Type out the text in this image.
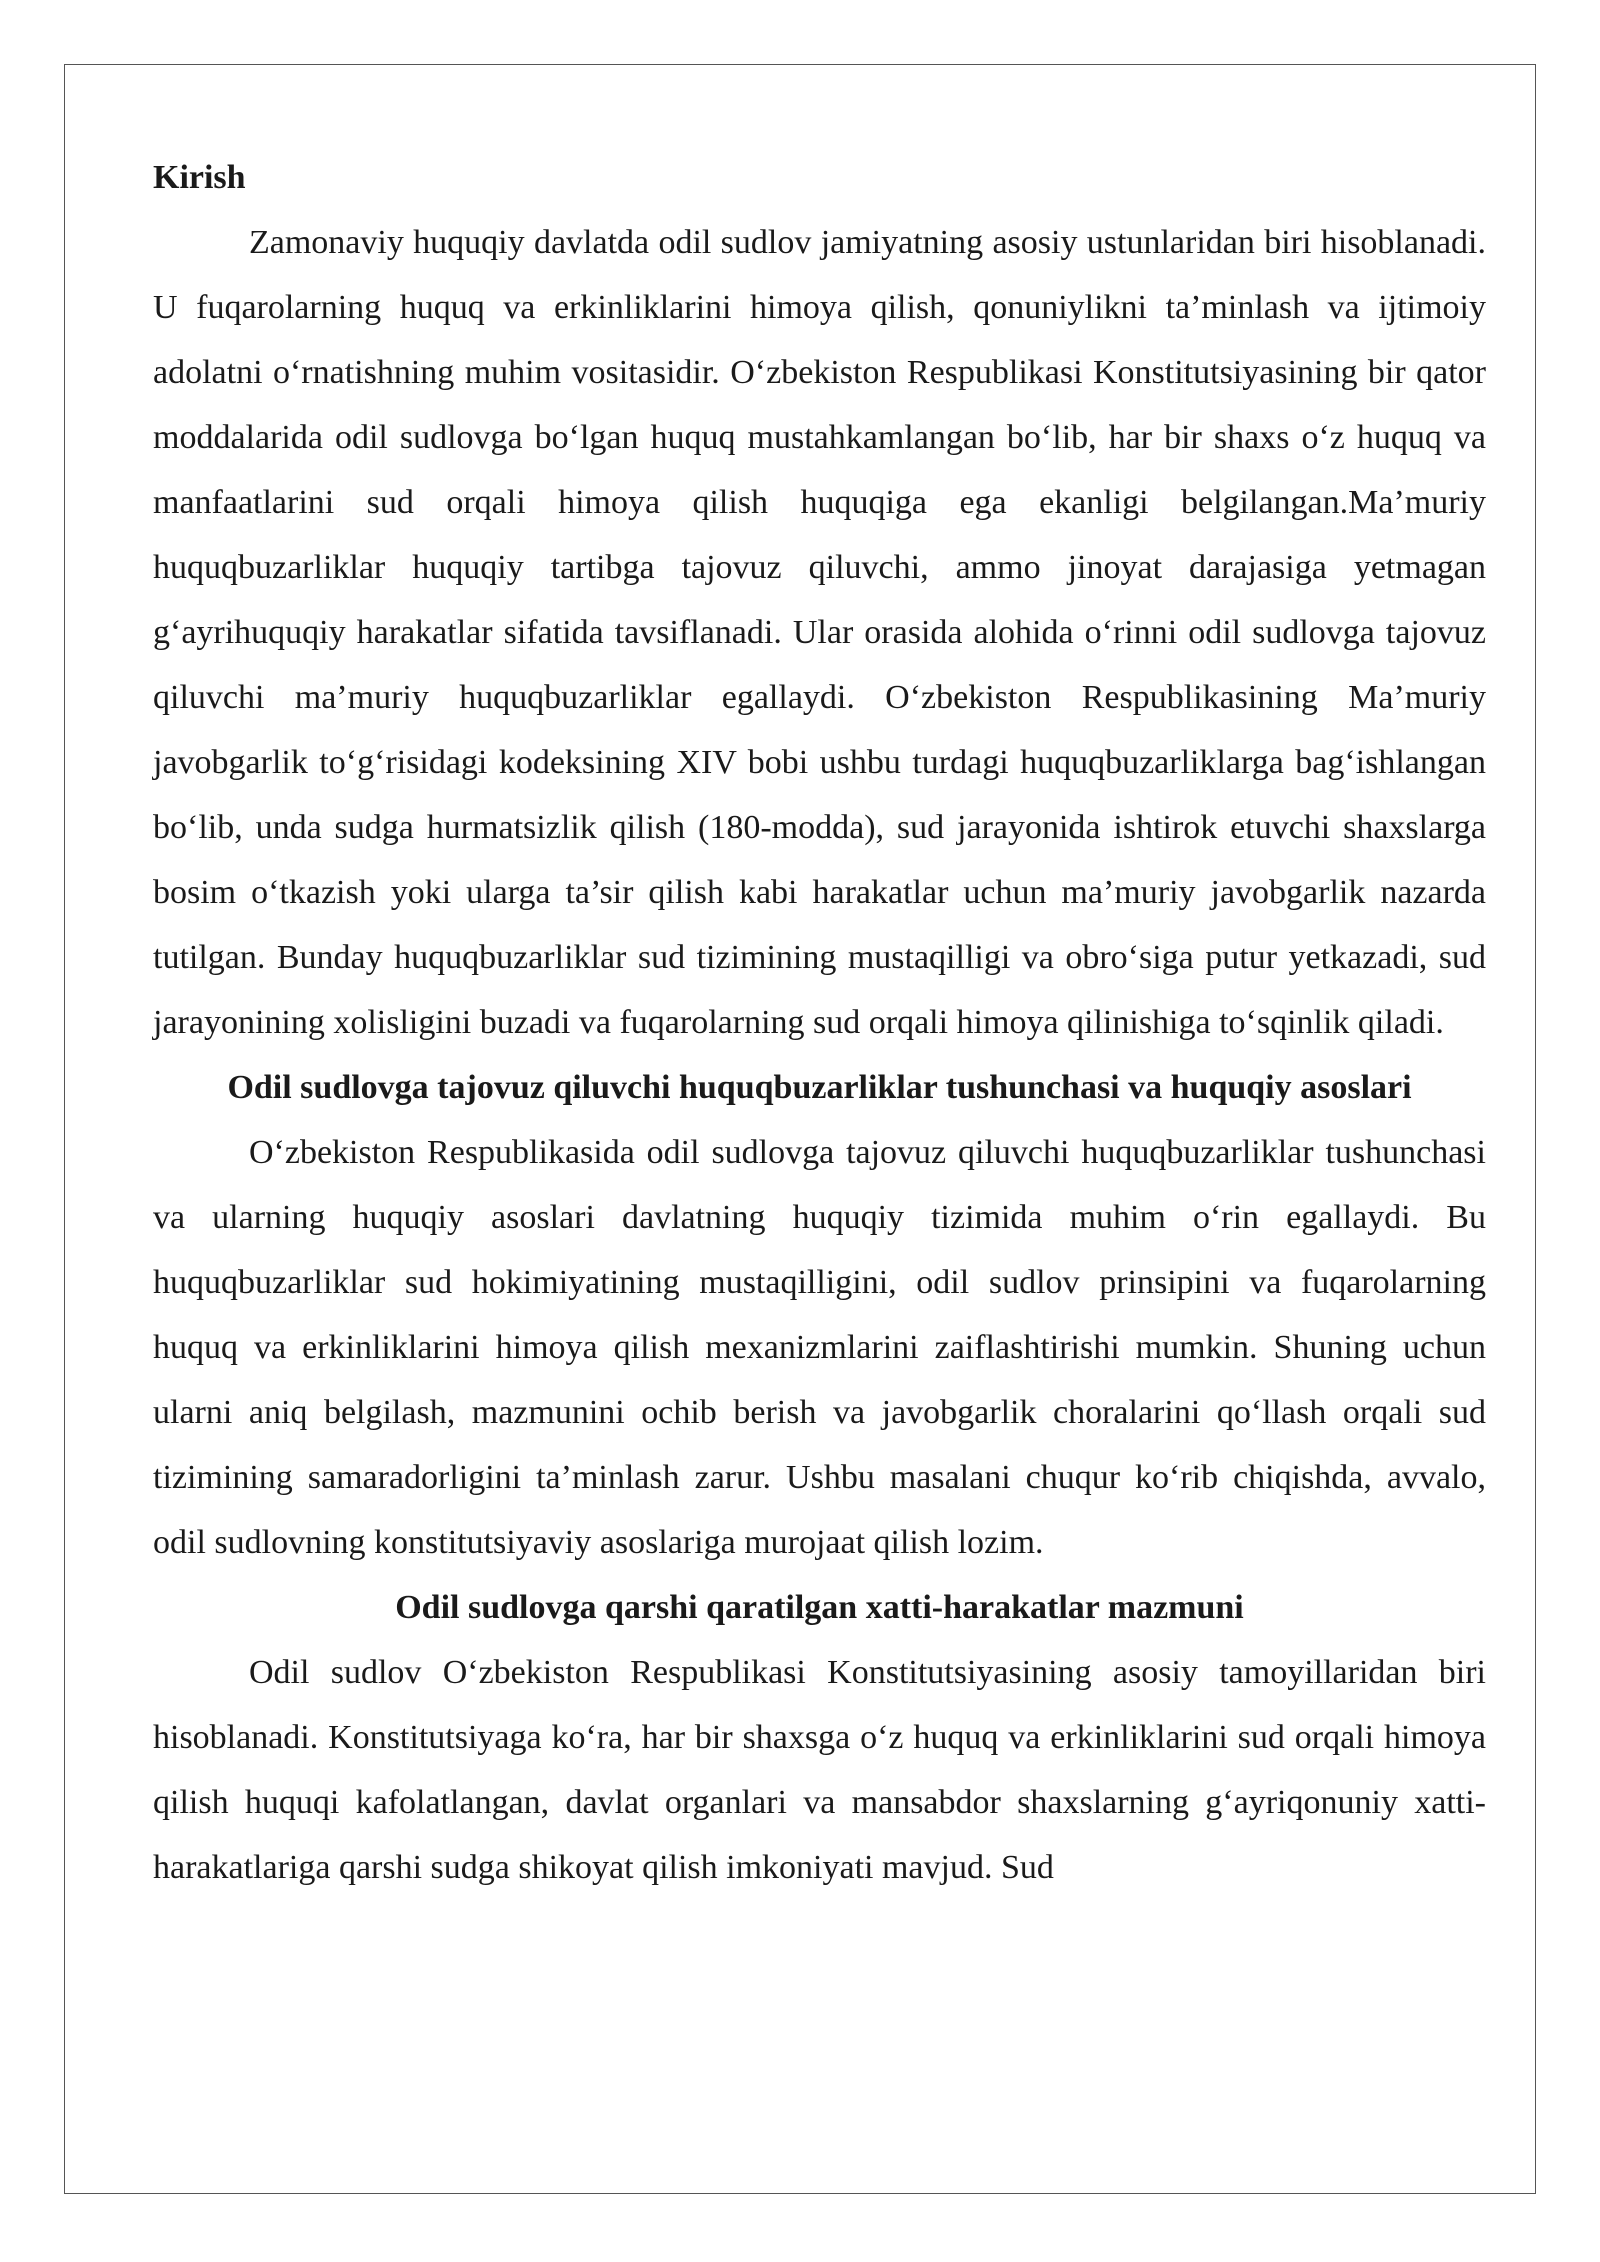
Kirish

Zamonaviy huquqiy davlatda odil sudlov jamiyatning asosiy ustunlaridan biri hisoblanadi. U fuqarolarning huquq va erkinliklarini himoya qilish, qonuniylikni ta’minlash va ijtimoiy adolatni o‘rnatishning muhim vositasidir. O‘zbekiston Respublikasi Konstitutsiyasining bir qator moddalarida odil sudlovga bo‘lgan huquq mustahkamlangan bo‘lib, har bir shaxs o‘z huquq va manfaatlarini sud orqali himoya qilish huquqiga ega ekanligi belgilangan.Ma’muriy huquqbuzarliklar huquqiy tartibga tajovuz qiluvchi, ammo jinoyat darajasiga yetmagan g‘ayrihuquqiy harakatlar sifatida tavsiflanadi. Ular orasida alohida o‘rinni odil sudlovga tajovuz qiluvchi ma’muriy huquqbuzarliklar egallaydi. O‘zbekiston Respublikasining Ma’muriy javobgarlik to‘g‘risidagi kodeksining XIV bobi ushbu turdagi huquqbuzarliklarga bag‘ishlangan bo‘lib, unda sudga hurmatsizlik qilish (180-modda), sud jarayonida ishtirok etuvchi shaxslarga bosim o‘tkazish yoki ularga ta’sir qilish kabi harakatlar uchun ma’muriy javobgarlik nazarda tutilgan. Bunday huquqbuzarliklar sud tizimining mustaqilligi va obro‘siga putur yetkazadi, sud jarayonining xolisligini buzadi va fuqarolarning sud orqali himoya qilinishiga to‘sqinlik qiladi.

Odil sudlovga tajovuz qiluvchi huquqbuzarliklar tushunchasi va huquqiy asoslari

O‘zbekiston Respublikasida odil sudlovga tajovuz qiluvchi huquqbuzarliklar tushunchasi va ularning huquqiy asoslari davlatning huquqiy tizimida muhim o‘rin egallaydi. Bu huquqbuzarliklar sud hokimiyatining mustaqilligini, odil sudlov prinsipini va fuqarolarning huquq va erkinliklarini himoya qilish mexanizmlarini zaiflashtirishi mumkin. Shuning uchun ularni aniq belgilash, mazmunini ochib berish va javobgarlik choralarini qo‘llash orqali sud tizimining samaradorligini ta’minlash zarur. Ushbu masalani chuqur ko‘rib chiqishda, avvalo, odil sudlovning konstitutsiyaviy asoslariga murojaat qilish lozim.

Odil sudlovga qarshi qaratilgan xatti-harakatlar mazmuni

Odil sudlov O‘zbekiston Respublikasi Konstitutsiyasining asosiy tamoyillaridan biri hisoblanadi. Konstitutsiyaga ko‘ra, har bir shaxsga o‘z huquq va erkinliklarini sud orqali himoya qilish huquqi kafolatlangan, davlat organlari va mansabdor shaxslarning g‘ayriqonuniy xatti-harakatlariga qarshi sudga shikoyat qilish imkoniyati mavjud. Sud
